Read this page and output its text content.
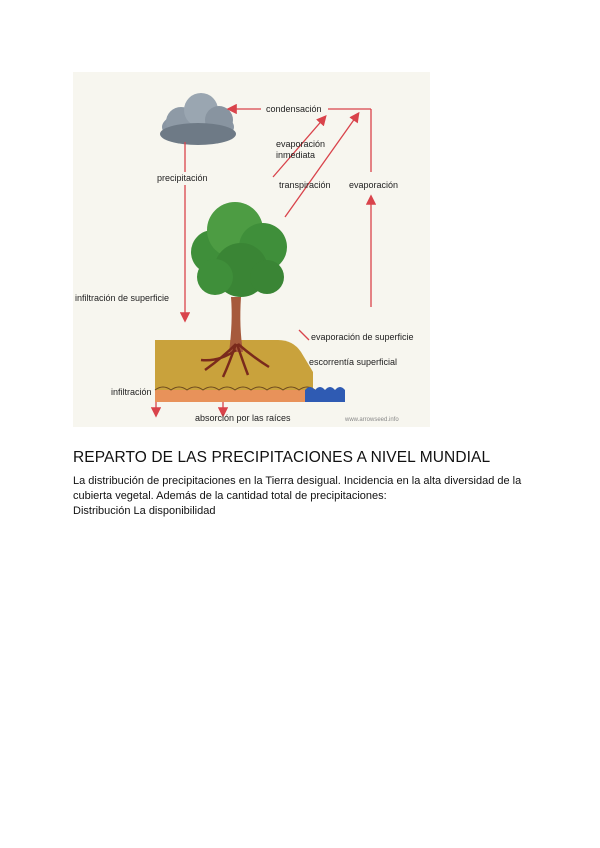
condensación
evaporación
inmediata
precipitación
transpiración evaporación
infiltración de superficie
evaporación de superficie
escorrentía superficial
infiltración
absorción por las raíces	www.arrowseed.info
REPARTO DE LAS PRECIPITACIONES A NIVEL MUNDIAL

La distribución de precipitaciones en la Tierra desigual. Incidencia en la alta diversidad de la

cubierta vegetal. Además de la cantidad total de precipitaciones:

Distribución La disponibilidad
